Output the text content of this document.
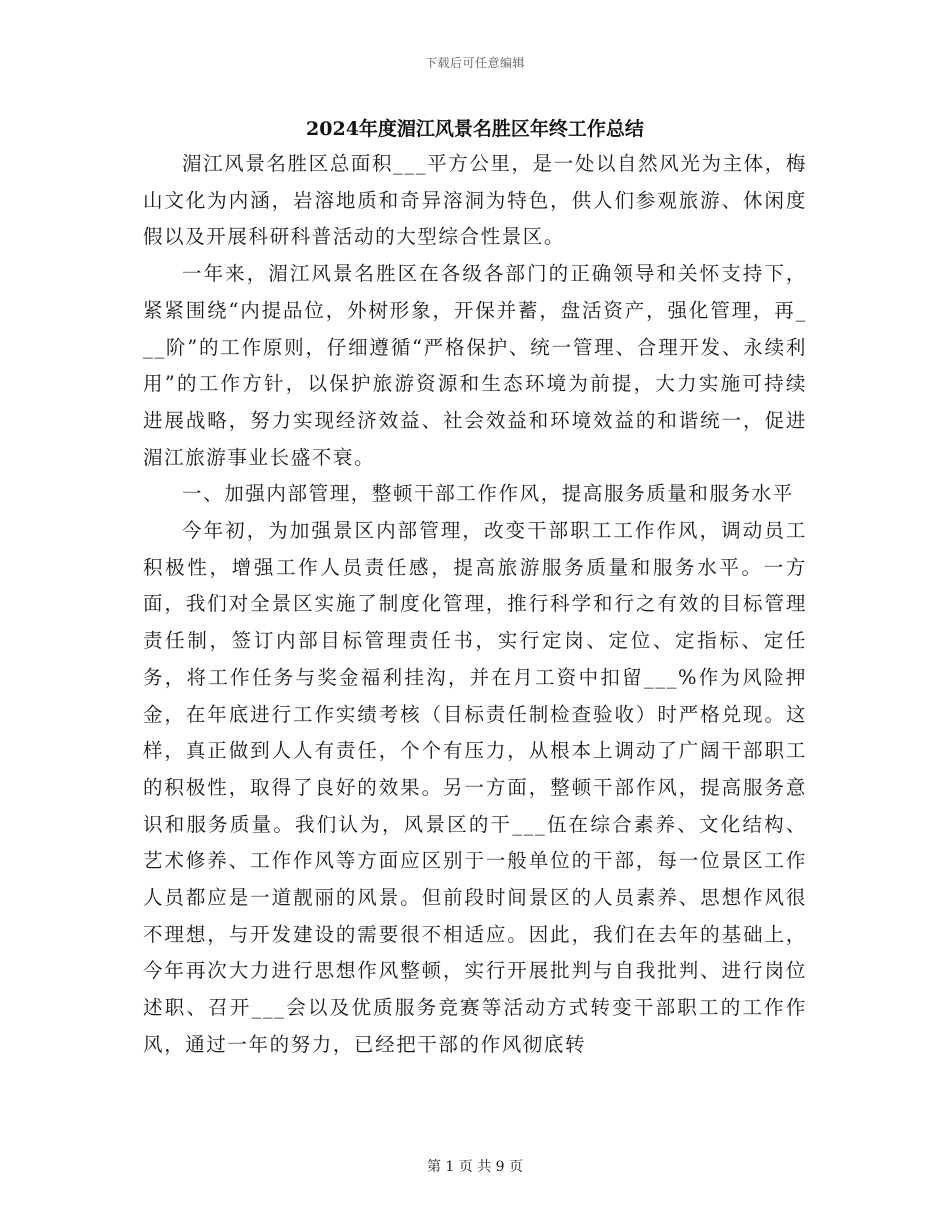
下载后可任意编辑
2024年度湄江风景名胜区年终工作总结

湄江风景名胜区总面积___平方公里，是一处以自然风光为主体，梅山文化为内涵，岩溶地质和奇异溶洞为特色，供人们参观旅游、休闲度假以及开展科研科普活动的大型综合性景区。

一年来，湄江风景名胜区在各级各部门的正确领导和关怀支持下，紧紧围绕“内提品位，外树形象，开保并蓄，盘活资产，强化管理，再___阶”的工作原则，仔细遵循“严格保护、统一管理、合理开发、永续利用”的工作方针，以保护旅游资源和生态环境为前提，大力实施可持续进展战略，努力实现经济效益、社会效益和环境效益的和谐统一，促进湄江旅游事业长盛不衰。

一、加强内部管理，整顿干部工作作风，提高服务质量和服务水平

今年初，为加强景区内部管理，改变干部职工工作作风，调动员工积极性，增强工作人员责任感，提高旅游服务质量和服务水平。一方面，我们对全景区实施了制度化管理，推行科学和行之有效的目标管理责任制，签订内部目标管理责任书，实行定岗、定位、定指标、定任务，将工作任务与奖金福利挂沟，并在月工资中扣留___%作为风险押金，在年底进行工作实绩考核（目标责任制检查验收）时严格兑现。这样，真正做到人人有责任，个个有压力，从根本上调动了广阔干部职工的积极性，取得了良好的效果。另一方面，整顿干部作风，提高服务意识和服务质量。我们认为，风景区的干___伍在综合素养、文化结构、艺术修养、工作作风等方面应区别于一般单位的干部，每一位景区工作人员都应是一道靓丽的风景。但前段时间景区的人员素养、思想作风很不理想，与开发建设的需要很不相适应。因此，我们在去年的基础上，今年再次大力进行思想作风整顿，实行开展批判与自我批判、进行岗位述职、召开___会以及优质服务竞赛等活动方式转变干部职工的工作作风，通过一年的努力，已经把干部的作风彻底转

第 1 页 共 9 页
